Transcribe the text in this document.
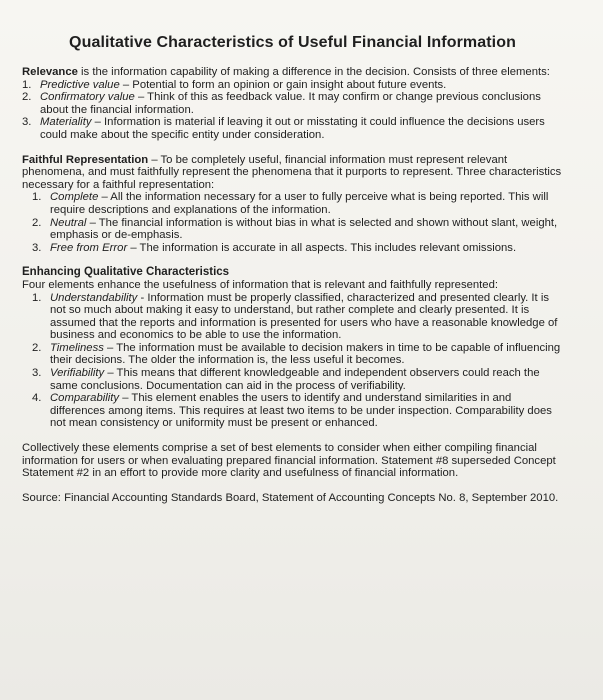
Qualitative Characteristics of Useful Financial Information
Relevance is the information capability of making a difference in the decision. Consists of three elements:
1. Predictive value – Potential to form an opinion or gain insight about future events.
2. Confirmatory value – Think of this as feedback value. It may confirm or change previous conclusions about the financial information.
3. Materiality – Information is material if leaving it out or misstating it could influence the decisions users could make about the specific entity under consideration.
Faithful Representation – To be completely useful, financial information must represent relevant phenomena, and must faithfully represent the phenomena that it purports to represent. Three characteristics necessary for a faithful representation:
1. Complete – All the information necessary for a user to fully perceive what is being reported. This will require descriptions and explanations of the information.
2. Neutral – The financial information is without bias in what is selected and shown without slant, weight, emphasis or de-emphasis.
3. Free from Error – The information is accurate in all aspects. This includes relevant omissions.
Enhancing Qualitative Characteristics
Four elements enhance the usefulness of information that is relevant and faithfully represented:
1. Understandability - Information must be properly classified, characterized and presented clearly. It is not so much about making it easy to understand, but rather complete and clearly presented. It is assumed that the reports and information is presented for users who have a reasonable knowledge of business and economics to be able to use the information.
2. Timeliness – The information must be available to decision makers in time to be capable of influencing their decisions. The older the information is, the less useful it becomes.
3. Verifiability – This means that different knowledgeable and independent observers could reach the same conclusions. Documentation can aid in the process of verifiability.
4. Comparability – This element enables the users to identify and understand similarities in and differences among items. This requires at least two items to be under inspection. Comparability does not mean consistency or uniformity must be present or enhanced.
Collectively these elements comprise a set of best elements to consider when either compiling financial information for users or when evaluating prepared financial information. Statement #8 superseded Concept Statement #2 in an effort to provide more clarity and usefulness of financial information.
Source: Financial Accounting Standards Board, Statement of Accounting Concepts No. 8, September 2010.
